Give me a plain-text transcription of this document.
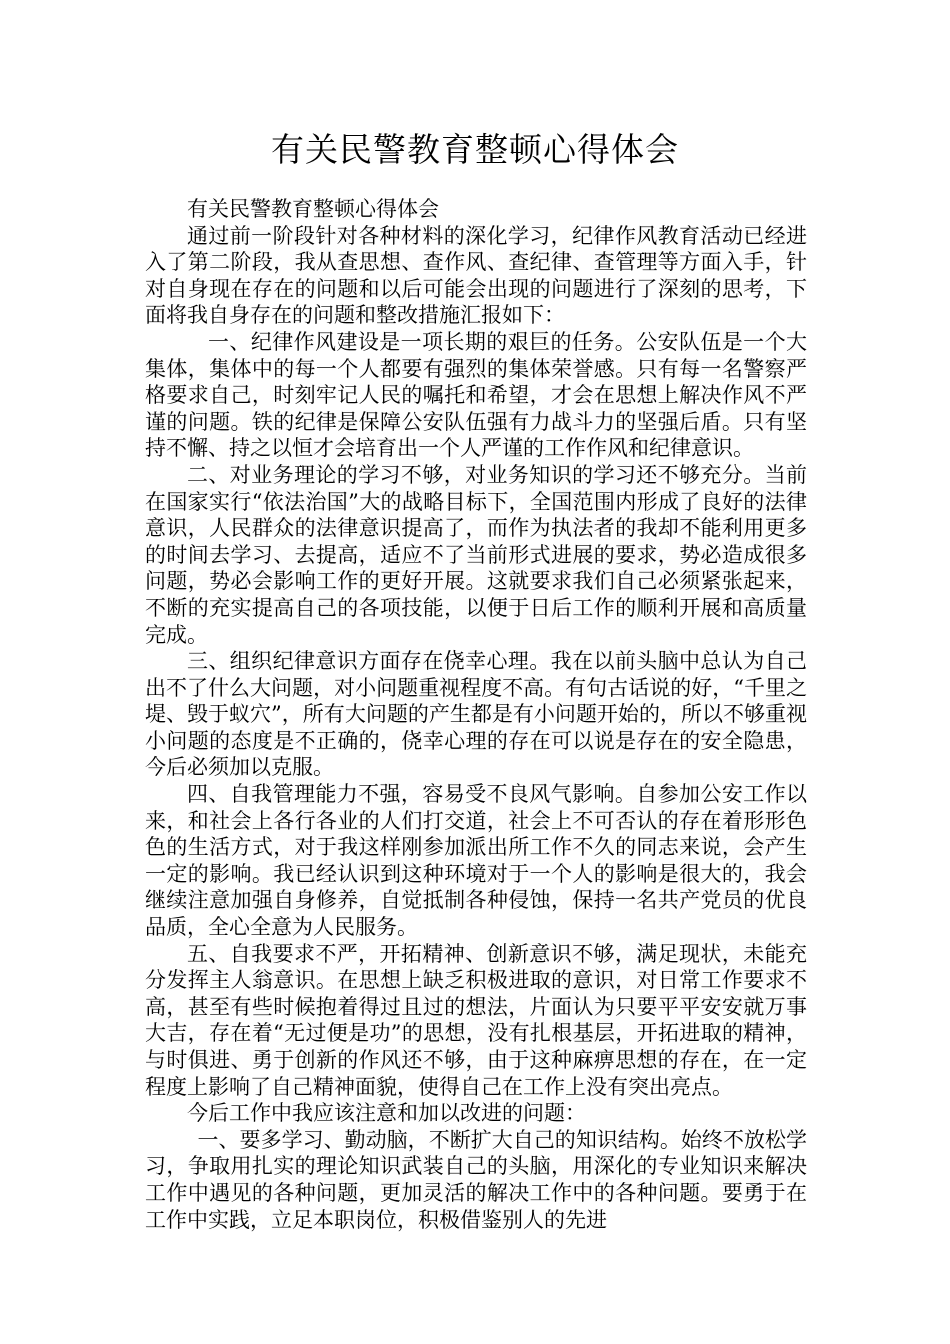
有关民警教育整顿心得体会

有关民警教育整顿心得体会

通过前一阶段针对各种材料的深化学习，纪律作风教育活动已经进入了第二阶段，我从查思想、查作风、查纪律、查管理等方面入手，针对自身现在存在的问题和以后可能会出现的问题进行了深刻的思考，下面将我自身存在的问题和整改措施汇报如下：

一、纪律作风建设是一项长期的艰巨的任务。公安队伍是一个大集体，集体中的每一个人都要有强烈的集体荣誉感。只有每一名警察严格要求自己，时刻牢记人民的嘱托和希望，才会在思想上解决作风不严谨的问题。铁的纪律是保障公安队伍强有力战斗力的坚强后盾。只有坚持不懈、持之以恒才会培育出一个人严谨的工作作风和纪律意识。

二、对业务理论的学习不够，对业务知识的学习还不够充分。当前在国家实行“依法治国”大的战略目标下，全国范围内形成了良好的法律意识，人民群众的法律意识提高了，而作为执法者的我却不能利用更多的时间去学习、去提高，适应不了当前形式进展的要求，势必造成很多问题，势必会影响工作的更好开展。这就要求我们自己必须紧张起来，不断的充实提高自己的各项技能，以便于日后工作的顺利开展和高质量完成。

三、组织纪律意识方面存在侥幸心理。我在以前头脑中总认为自己出不了什么大问题，对小问题重视程度不高。有句古话说的好，“千里之堤、毁于蚁穴”，所有大问题的产生都是有小问题开始的，所以不够重视小问题的态度是不正确的，侥幸心理的存在可以说是存在的安全隐患，今后必须加以克服。

四、自我管理能力不强，容易受不良风气影响。自参加公安工作以来，和社会上各行各业的人们打交道，社会上不可否认的存在着形形色色的生活方式，对于我这样刚参加派出所工作不久的同志来说，会产生一定的影响。我已经认识到这种环境对于一个人的影响是很大的，我会继续注意加强自身修养，自觉抵制各种侵蚀，保持一名共产党员的优良品质，全心全意为人民服务。

五、自我要求不严，开拓精神、创新意识不够，满足现状，未能充分发挥主人翁意识。在思想上缺乏积极进取的意识，对日常工作要求不高，甚至有些时候抱着得过且过的想法，片面认为只要平平安安就万事大吉，存在着“无过便是功”的思想，没有扎根基层，开拓进取的精神，与时俱进、勇于创新的作风还不够，由于这种麻痹思想的存在，在一定程度上影响了自己精神面貌，使得自己在工作上没有突出亮点。

今后工作中我应该注意和加以改进的问题：

一、要多学习、勤动脑，不断扩大自己的知识结构。始终不放松学习，争取用扎实的理论知识武装自己的头脑，用深化的专业知识来解决工作中遇见的各种问题，更加灵活的解决工作中的各种问题。要勇于在工作中实践，立足本职岗位，积极借鉴别人的先进
